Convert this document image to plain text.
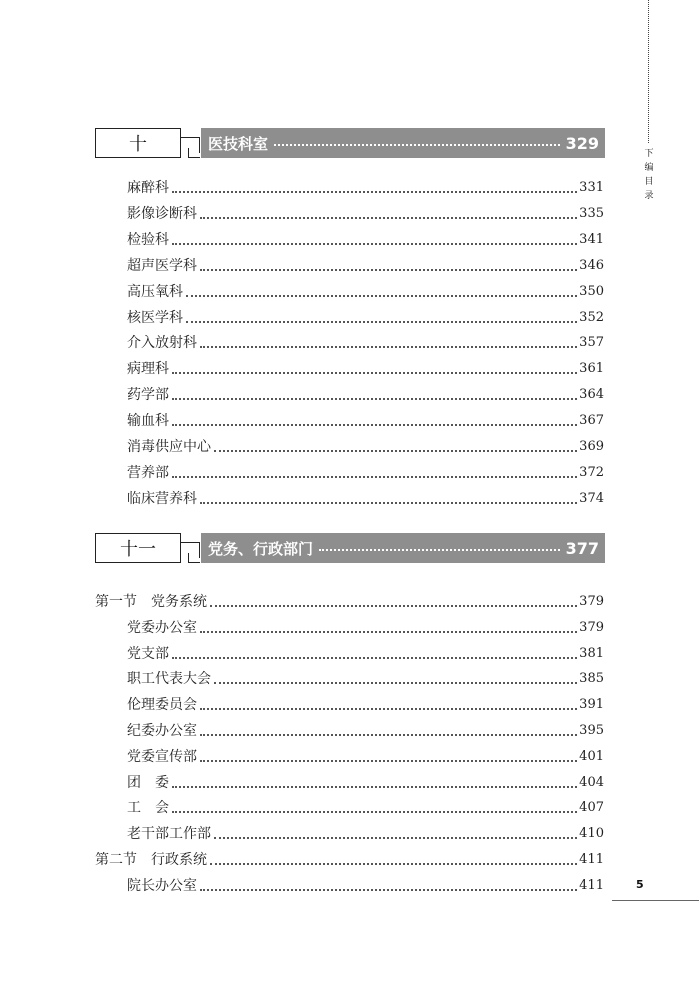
下
编
目
录
十	医技科室	329
麻醉科	331
影像诊断科	335
检验科	341
超声医学科	346
高压氧科	350
核医学科	352
介入放射科	357
病理科	361
药学部	364
输血科	367
消毒供应中心	369
营养部	372
临床营养科	374
十一	党务、行政部门	377
第一节　党务系统	379
党委办公室	379
党支部	381
职工代表大会	385
伦理委员会	391
纪委办公室	395
党委宣传部	401
团　委	404
工　会	407
老干部工作部	410
第二节　行政系统	411
院长办公室	411	5
